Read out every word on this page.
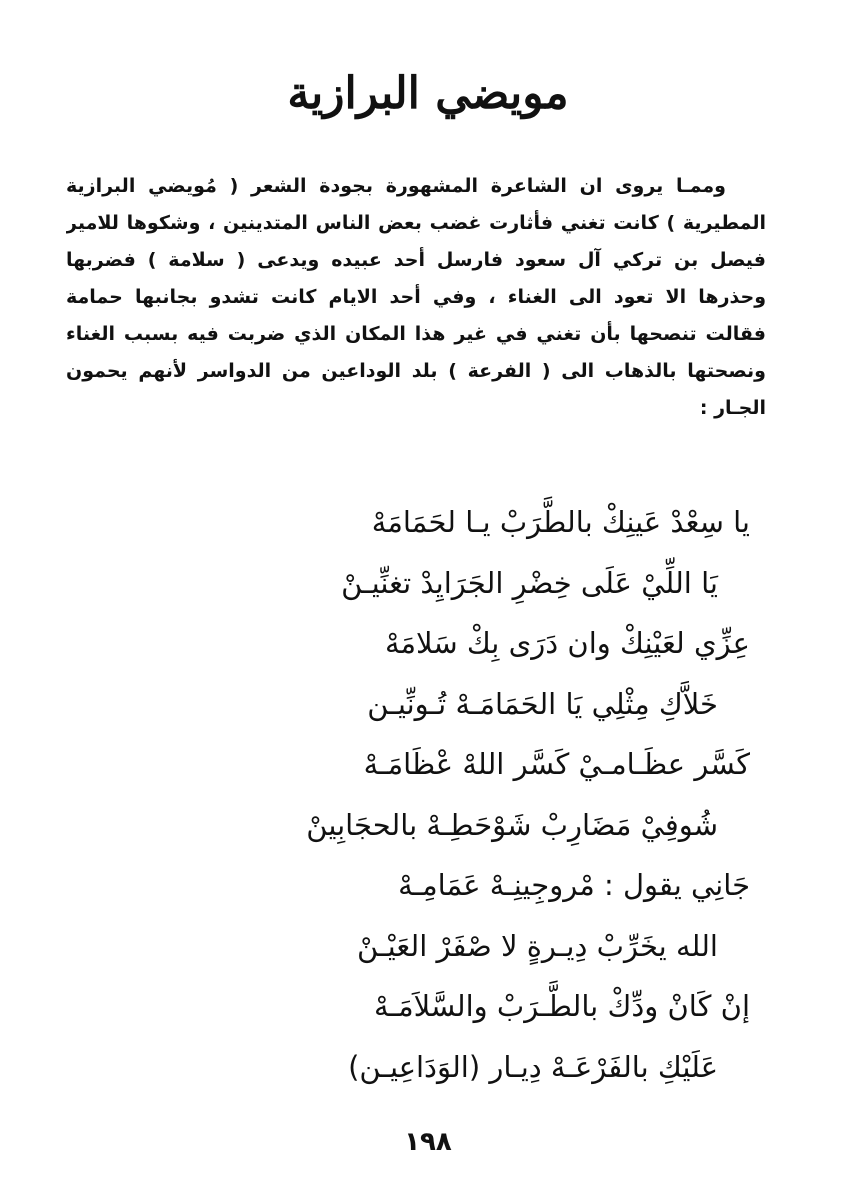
مويضي البرازية
وممـا يروى ان الشاعرة المشهورة بجودة الشعر ( مُويضي البرازية
المطيرية ) كانت تغني فأثارت غضب بعض الناس المتدينين ، وشكوها للامير
فيصل بن تركي آل سعود فارسل أحد عبيده ويدعى ( سلامة ) فضربها
وحذرها الا تعود الى الغناء ، وفي أحد الايام كانت تشدو بجانبها حمامة
فقالت تنصحها بأن تغني في غير هذا المكان الذي ضربت فيه بسبب الغناء
ونصحتها بالذهاب الى ( الفرعة ) بلد الوداعين من الدواسر لأنهم يحمون
الجـار :
يا سِعْدْ عَينِكْ بالطَّرَبْ يـا لحَمَامَهْ
يَا اللِّيْ عَلَى خِضْرِ الجَرَايِدْ تغنِّيـنْ
عِزِّي لعَيْنِكْ وان دَرَى بِكْ سَلامَهْ
خَلاَّكِ مِثْلِي يَا الحَمَامَـهْ تُـونِّيـن
كَسَّر عظَـامـيْ كَسَّر اللهْ عْظَامَـهْ
شُوفِيْ مَضَارِبْ شَوْحَطِـهْ بالحجَابِينْ
جَانِي يقول : مْروجِينِـهْ عَمَامِـهْ
الله يخَرِّبْ دِيـرةٍ لا صْفَرْ العَيْـنْ
إنْ كَانْ ودِّكْ بالطَّـرَبْ والسَّلاَمَـهْ
عَلَيْكِ بالفَرْعَـهْ دِيـار (الوَدَاعِيـن)
١٩٨
